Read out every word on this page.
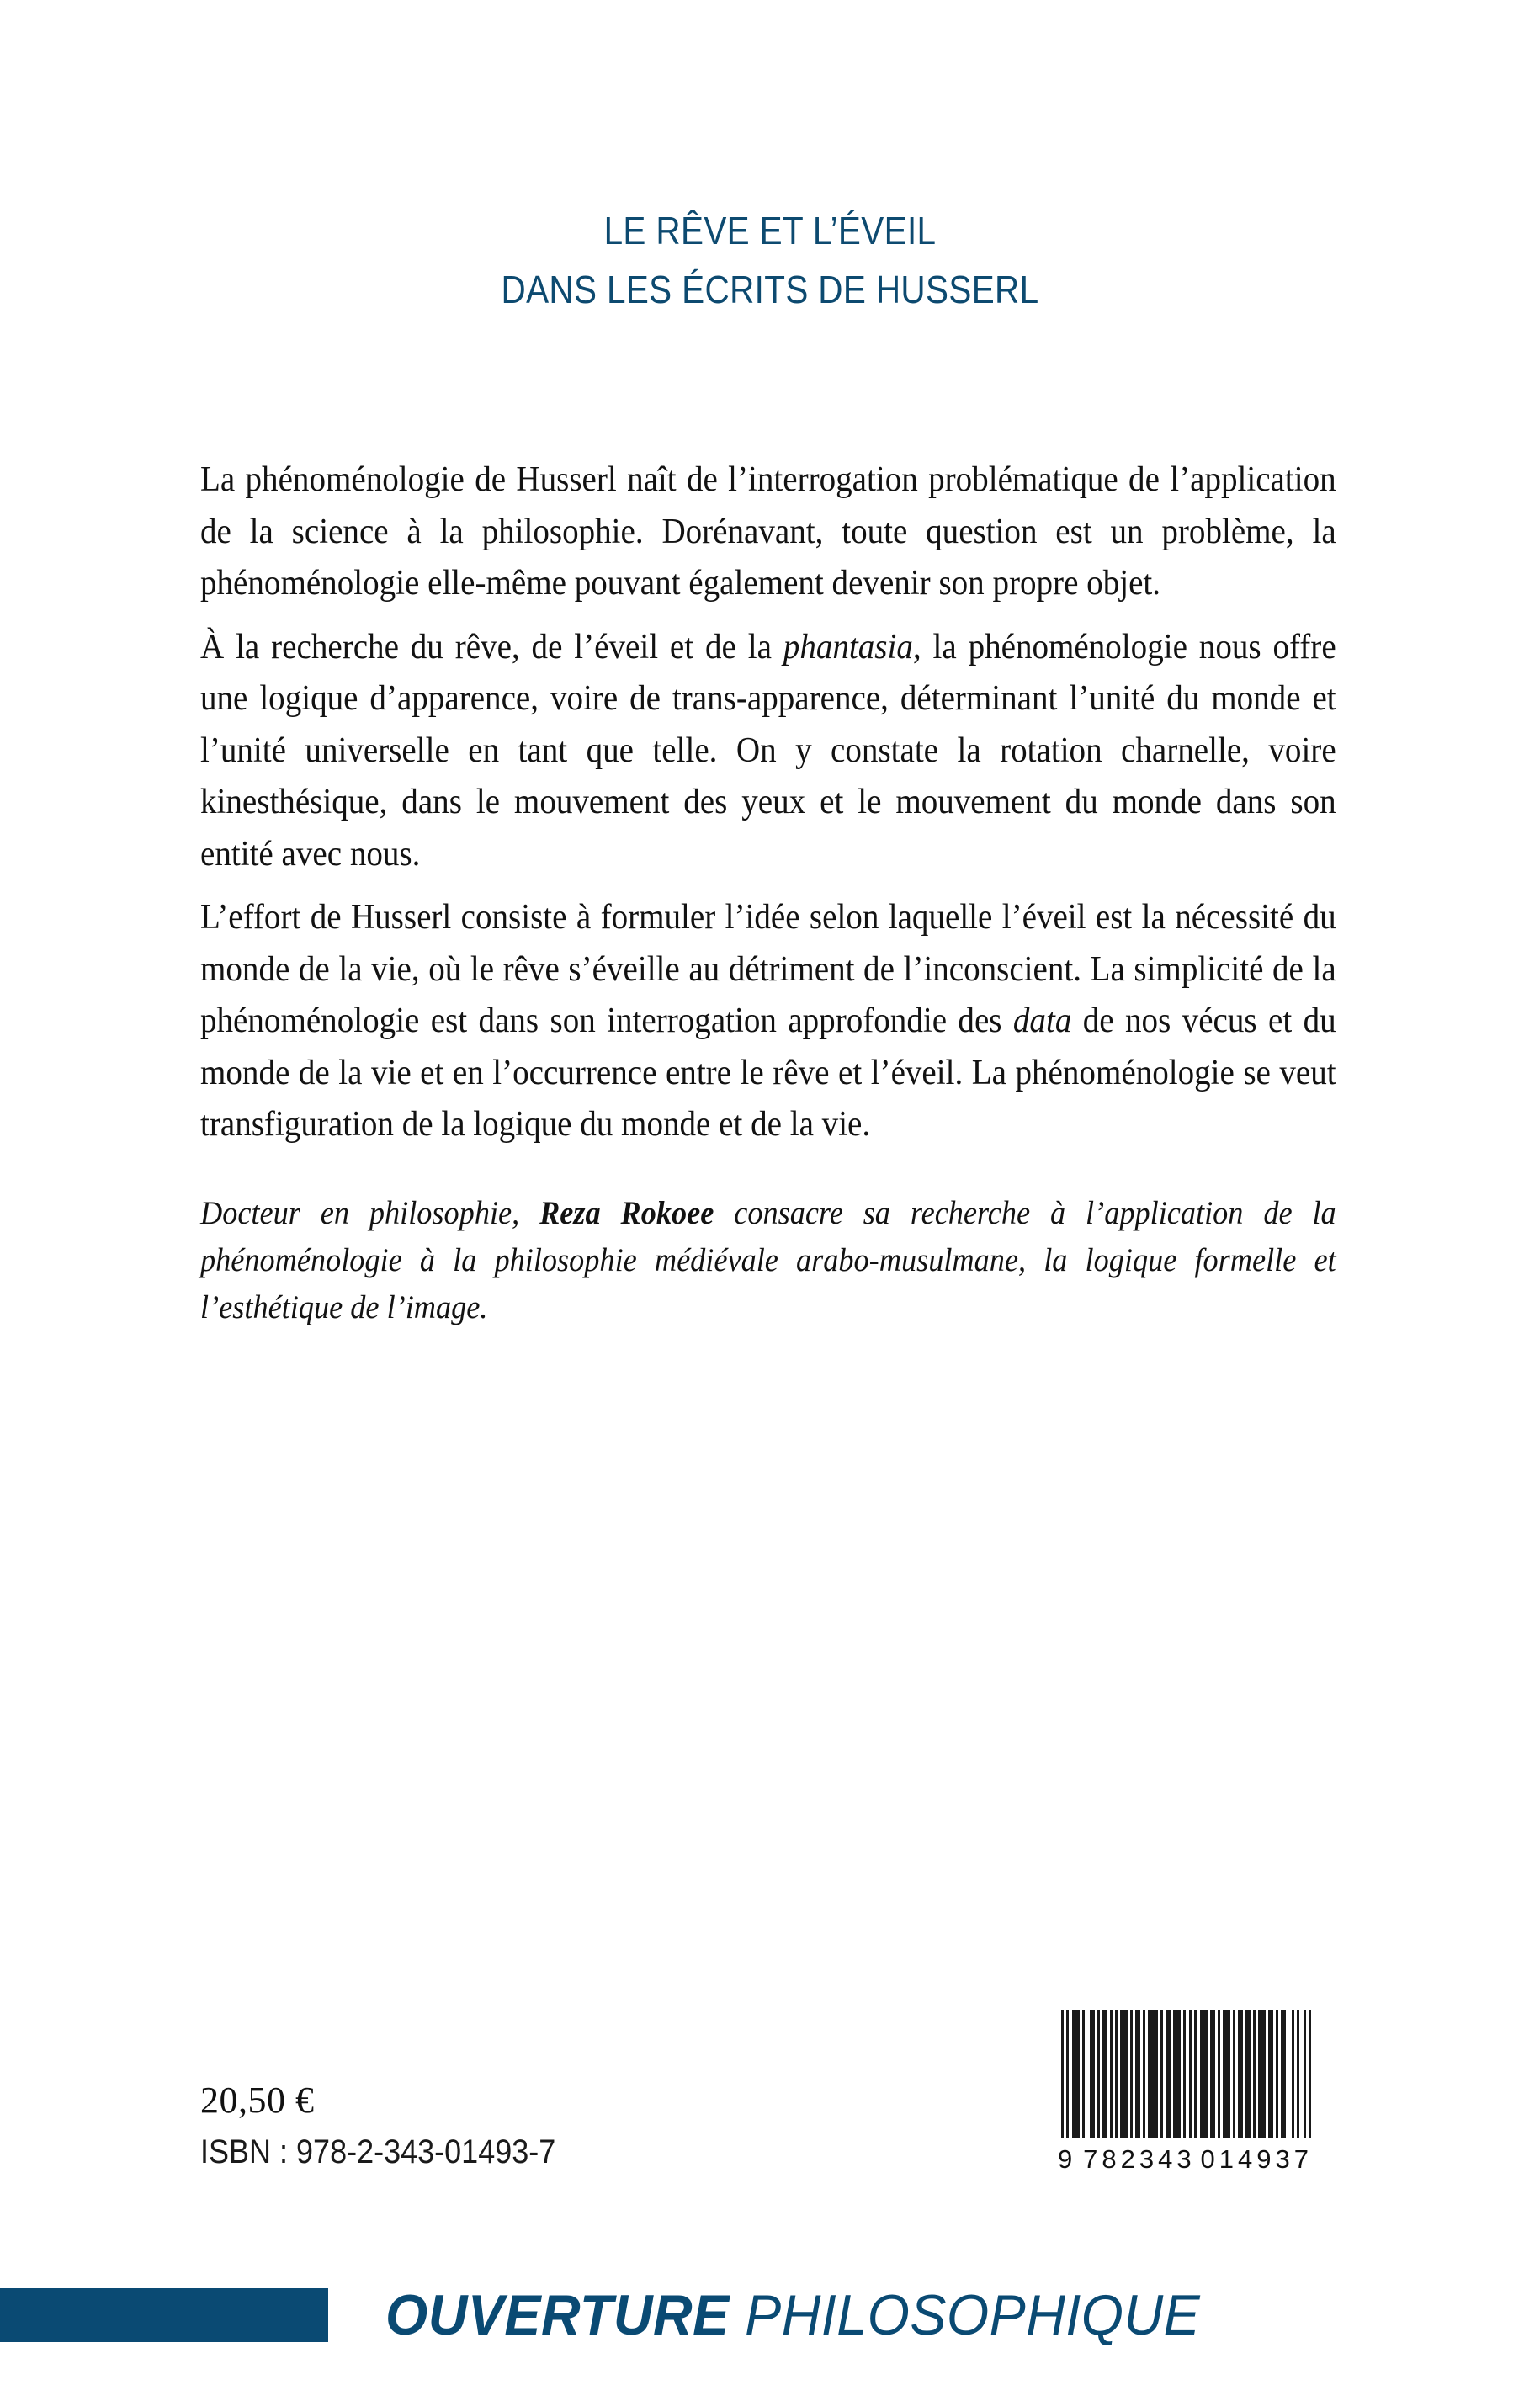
LE RÊVE ET L’ÉVEIL
DANS LES ÉCRITS DE HUSSERL

La phénoménologie de Husserl naît de l’interrogation problématique de l’application de la science à la philosophie. Dorénavant, toute question est un problème, la phénoménologie elle-même pouvant également devenir son propre objet.

À la recherche du rêve, de l’éveil et de la phantasia, la phénoménologie nous offre une logique d’apparence, voire de trans-apparence, déterminant l’unité du monde et l’unité universelle en tant que telle. On y constate la rotation charnelle, voire kinesthésique, dans le mouvement des yeux et le mouvement du monde dans son entité avec nous.

L’effort de Husserl consiste à formuler l’idée selon laquelle l’éveil est la nécessité du monde de la vie, où le rêve s’éveille au détriment de l’inconscient. La simplicité de la phénoménologie est dans son interrogation approfondie des data de nos vécus et du monde de la vie et en l’occurrence entre le rêve et l’éveil. La phénoménologie se veut transfiguration de la logique du monde et de la vie.

Docteur en philosophie, Reza Rokoee consacre sa recherche à l’application de la phénoménologie à la philosophie médiévale arabo-musulmane, la logique formelle et l’esthétique de l’image.

20,50 €
ISBN : 978-2-343-01493-7	9 782343 014937
OUVERTURE PHILOSOPHIQUE
